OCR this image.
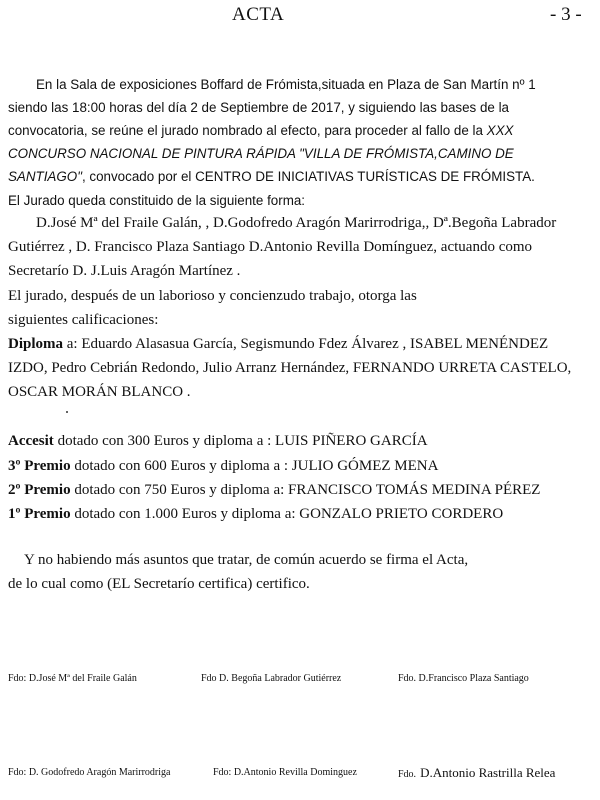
ACTA	- 3 -
En la Sala de exposiciones Boffard de Frómista,situada en Plaza de San Martín nº 1
siendo las 18:00 horas del día 2 de Septiembre de 2017, y siguiendo las bases de la
convocatoria, se reúne el jurado nombrado al efecto, para proceder al fallo de la XXX
CONCURSO NACIONAL DE PINTURA RÁPIDA "VILLA DE FRÓMISTA,CAMINO DE
SANTIAGO", convocado por el CENTRO DE INICIATIVAS TURÍSTICAS DE FRÓMISTA.
El Jurado queda constituido de la siguiente forma:
D.José Mª del Fraile Galán, , D.Godofredo Aragón Marirrodriga,, Dª.Begoña Labrador
Gutiérrez , D. Francisco Plaza Santiago D.Antonio Revilla Domínguez, actuando como
Secretarío D. J.Luis Aragón Martínez .
El jurado, después de un laborioso y concienzudo trabajo, otorga las
siguientes calificaciones:
Diploma a: Eduardo Alasasua García, Segismundo Fdez Álvarez , ISABEL MENÉNDEZ
IZDO, Pedro Cebrián Redondo, Julio Arranz Hernández, FERNANDO URRETA CASTELO,
OSCAR MORÁN BLANCO .
Accesit dotado con 300 Euros y diploma a : LUIS PIÑERO GARCÍA
3º Premio dotado con 600 Euros y diploma a : JULIO GÓMEZ MENA
2º Premio dotado con 750 Euros y diploma a: FRANCISCO TOMÁS MEDINA PÉREZ
1º Premio dotado con 1.000 Euros y diploma a: GONZALO PRIETO CORDERO
Y no habiendo más asuntos que tratar, de común acuerdo se firma el Acta,
de lo cual como (EL Secretarío certifica) certifico.
Fdo: D.José Mª del Fraile Galán	Fdo D. Begoña Labrador Gutiérrez	Fdo. D.Francisco Plaza Santiago
Fdo: D. Godofredo Aragón Marirrodriga	Fdo: D.Antonio Revilla Dominguez	Fdo. D.Antonio Rastrilla Relea
